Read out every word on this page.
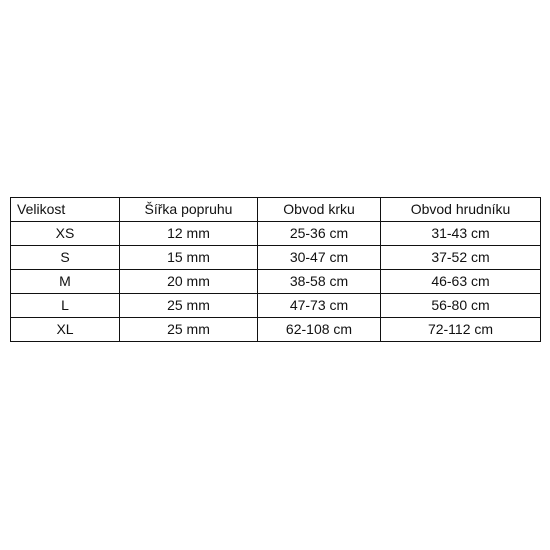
Velikost	Šířka popruhu	Obvod krku	Obvod hrudníku
XS	12 mm	25-36 cm	31-43 cm
S	15 mm	30-47 cm	37-52 cm
M	20 mm	38-58 cm	46-63 cm
L	25 mm	47-73 cm	56-80 cm
XL	25 mm	62-108 cm	72-112 cm
